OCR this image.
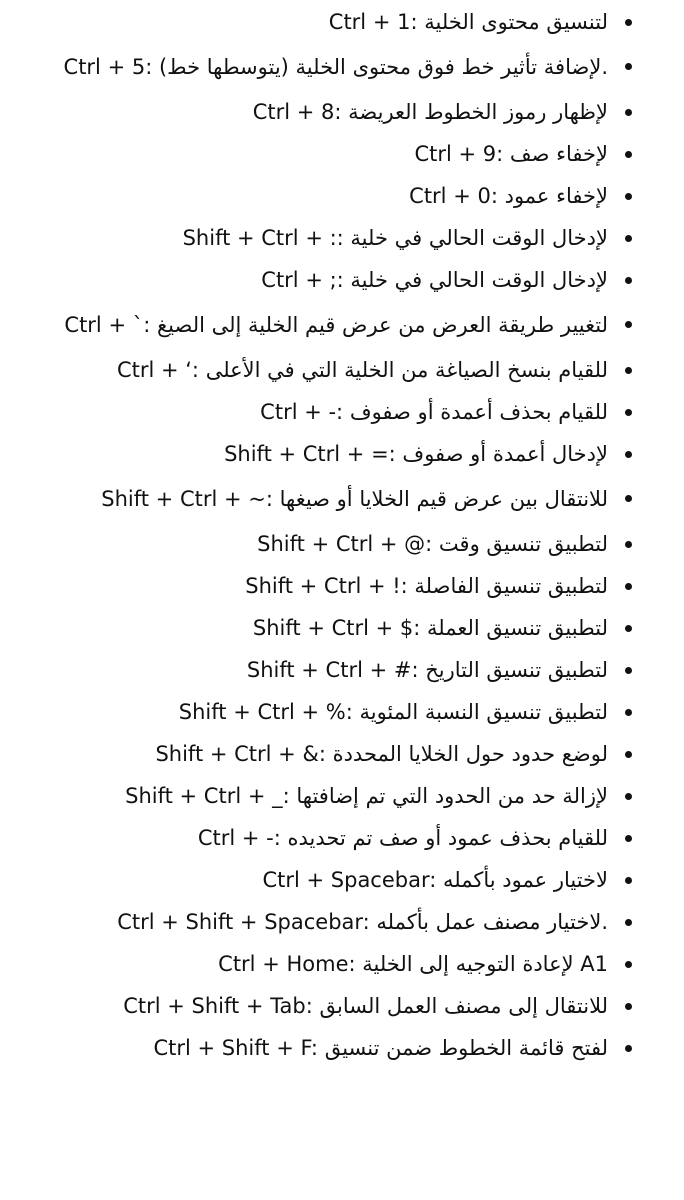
Ctrl + 1: لتنسيق محتوى الخلية
Ctrl + 5: لإضافة تأثير خط فوق محتوى الخلية (يتوسطها خط).
Ctrl + 8: لإظهار رموز الخطوط العريضة
Ctrl + 9: لإخفاء صف
Ctrl + 0: لإخفاء عمود
Shift + Ctrl + :: لإدخال الوقت الحالي في خلية
Ctrl + ;: لإدخال الوقت الحالي في خلية
Ctrl + `: لتغيير طريقة العرض من عرض قيم الخلية إلى الصيغ
Ctrl + ‘: للقيام بنسخ الصياغة من الخلية التي في الأعلى
Ctrl + -: للقيام بحذف أعمدة أو صفوف
Shift + Ctrl + =: لإدخال أعمدة أو صفوف
Shift + Ctrl + ~: للانتقال بين عرض قيم الخلايا أو صيغها
Shift + Ctrl + @: لتطبيق تنسيق وقت
Shift + Ctrl + !: لتطبيق تنسيق الفاصلة
Shift + Ctrl + $: لتطبيق تنسيق العملة
Shift + Ctrl + #: لتطبيق تنسيق التاريخ
Shift + Ctrl + %: لتطبيق تنسيق النسبة المئوية
Shift + Ctrl + &: لوضع حدود حول الخلايا المحددة
Shift + Ctrl + _: لإزالة حد من الحدود التي تم إضافتها
Ctrl + -: للقيام بحذف عمود أو صف تم تحديده
Ctrl + Spacebar: لاختيار عمود بأكمله
Ctrl + Shift + Spacebar: لاختيار مصنف عمل بأكمله.
Ctrl + Home: لإعادة التوجيه إلى الخلية A1
Ctrl + Shift + Tab: للانتقال إلى مصنف العمل السابق
Ctrl + Shift + F: لفتح قائمة الخطوط ضمن تنسيق
